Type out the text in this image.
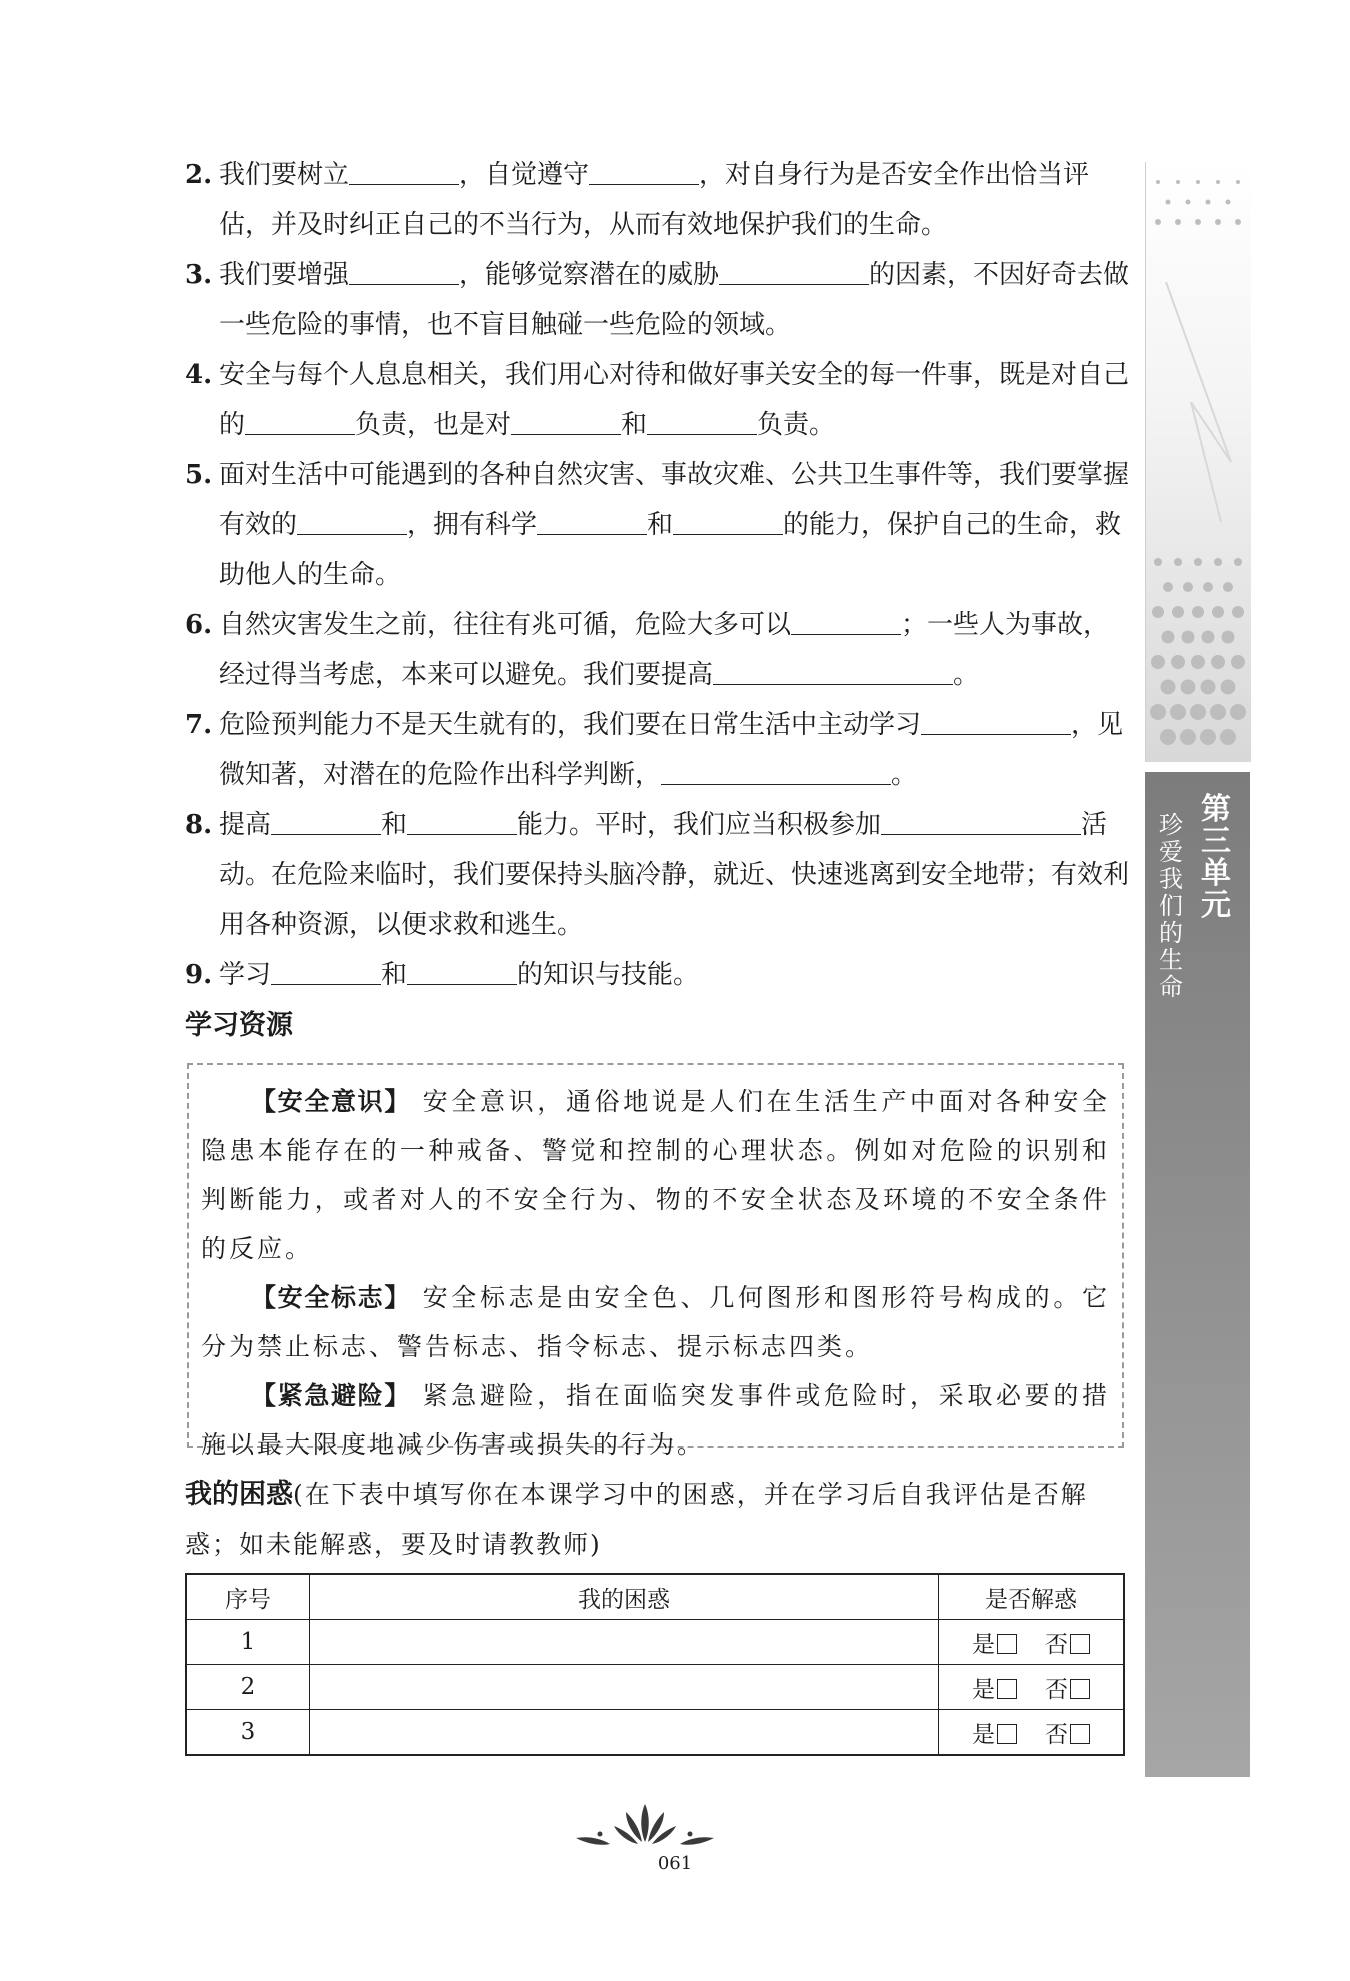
2. 我们要树立	，自觉遵守	，对自身行为是否安全作出恰当评估，并及时纠正自己的不当行为，从而有效地保护我们的生命。
3. 我们要增强	，能够觉察潜在的威胁	的因素，不因好奇去做一些危险的事情，也不盲目触碰一些危险的领域。
4. 安全与每个人息息相关，我们用心对待和做好事关安全的每一件事，既是对自己的	负责，也是对	和	负责。
5. 面对生活中可能遇到的各种自然灾害、事故灾难、公共卫生事件等，我们要掌握有效的	，拥有科学	和	的能力，保护自己的生命，救助他人的生命。
6. 自然灾害发生之前，往往有兆可循，危险大多可以	；一些人为事故，经过得当考虑，本来可以避免。我们要提高	。
7. 危险预判能力不是天生就有的，我们要在日常生活中主动学习	，见微知著，对潜在的危险作出科学判断，	。
8. 提高	和	能力。平时，我们应当积极参加	活动。在危险来临时，我们要保持头脑冷静，就近、快速逃离到安全地带；有效利用各种资源，以便求救和逃生。
9. 学习	和	的知识与技能。
学习资源

【安全意识】 安全意识，通俗地说是人们在生活生产中面对各种安全隐患本能存在的一种戒备、警觉和控制的心理状态。例如对危险的识别和判断能力，或者对人的不安全行为、物的不安全状态及环境的不安全条件的反应。

【安全标志】 安全标志是由安全色、几何图形和图形符号构成的。它分为禁止标志、警告标志、指令标志、提示标志四类。

【紧急避险】 紧急避险，指在面临突发事件或危险时，采取必要的措施以最大限度地减少伤害或损失的行为。

我的困惑(在下表中填写你在本课学习中的困惑，并在学习后自我评估是否解惑；如未能解惑，要及时请教教师)
序号	我的困惑	是否解惑
1		是 否
2		是 否
3		是 否
第三单元
珍爱我们的生命
061
